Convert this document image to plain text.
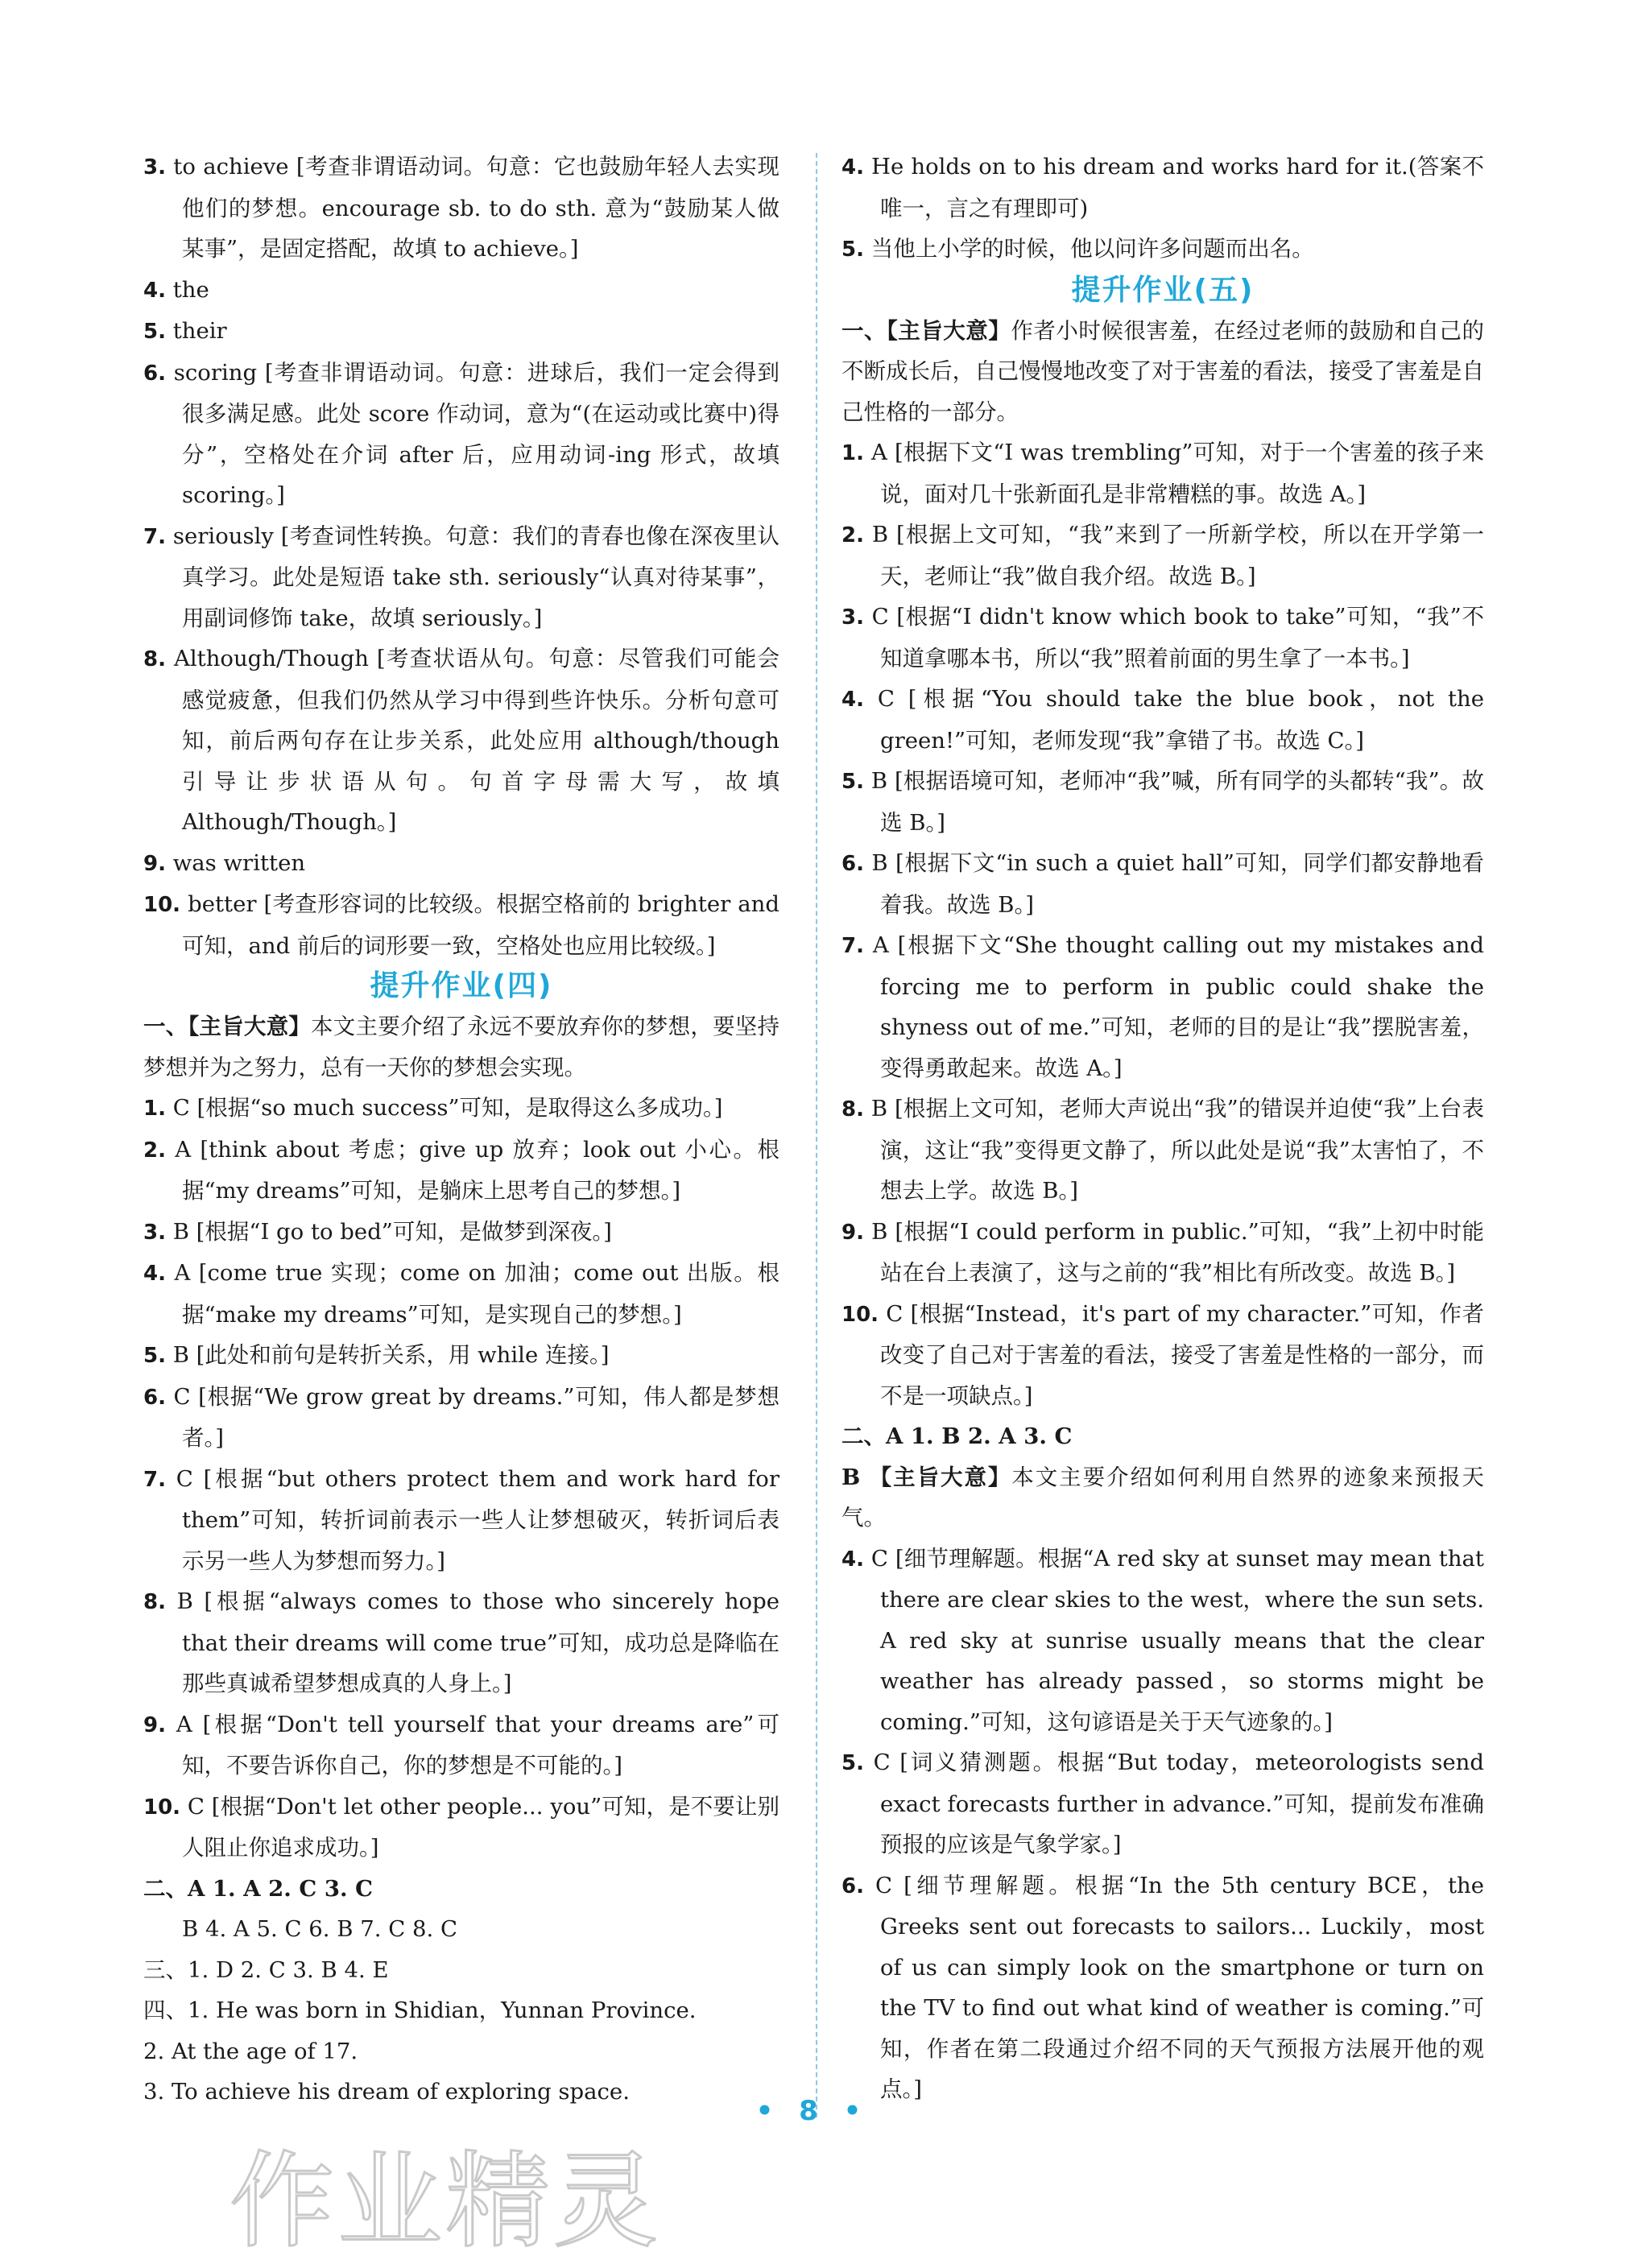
3. to achieve [考查非谓语动词。句意：它也鼓励年轻人去实现他们的梦想。encourage sb. to do sth. 意为“鼓励某人做某事”，是固定搭配，故填 to achieve。]

4. the

5. their

6. scoring [考查非谓语动词。句意：进球后，我们一定会得到很多满足感。此处 score 作动词，意为“(在运动或比赛中)得分”，空格处在介词 after 后，应用动词-ing 形式，故填 scoring。]

7. seriously [考查词性转换。句意：我们的青春也像在深夜里认真学习。此处是短语 take sth. seriously“认真对待某事”，用副词修饰 take，故填 seriously。]

8. Although/Though [考查状语从句。句意：尽管我们可能会感觉疲惫，但我们仍然从学习中得到些许快乐。分析句意可知，前后两句存在让步关系，此处应用 although/though 引导让步状语从句。句首字母需大写，故填 Although/Though。]

9. was written

10. better [考查形容词的比较级。根据空格前的 brighter and 可知，and 前后的词形要一致，空格处也应用比较级。]

提升作业(四)

一、【主旨大意】本文主要介绍了永远不要放弃你的梦想，要坚持梦想并为之努力，总有一天你的梦想会实现。

1. C [根据“so much success”可知，是取得这么多成功。]

2. A [think about 考虑；give up 放弃；look out 小心。根据“my dreams”可知，是躺床上思考自己的梦想。]

3. B [根据“I go to bed”可知，是做梦到深夜。]

4. A [come true 实现；come on 加油；come out 出版。根据“make my dreams”可知，是实现自己的梦想。]

5. B [此处和前句是转折关系，用 while 连接。]

6. C [根据“We grow great by dreams.”可知，伟人都是梦想者。]

7. C [根据“but others protect them and work hard for them”可知，转折词前表示一些人让梦想破灭，转折词后表示另一些人为梦想而努力。]

8. B [根据“always comes to those who sincerely hope that their dreams will come true”可知，成功总是降临在那些真诚希望梦想成真的人身上。]

9. A [根据“Don't tell yourself that your dreams are”可知，不要告诉你自己，你的梦想是不可能的。]

10. C [根据“Don't let other people... you”可知，是不要让别人阻止你追求成功。]

二、A 1. A 2. C 3. C

B 4. A 5. C 6. B 7. C 8. C

三、1. D 2. C 3. B 4. E

四、1. He was born in Shidian，Yunnan Province.

2. At the age of 17.

3. To achieve his dream of exploring space.

4. He holds on to his dream and works hard for it.(答案不唯一，言之有理即可)

5. 当他上小学的时候，他以问许多问题而出名。

提升作业(五)

一、【主旨大意】作者小时候很害羞，在经过老师的鼓励和自己的不断成长后，自己慢慢地改变了对于害羞的看法，接受了害羞是自己性格的一部分。

1. A [根据下文“I was trembling”可知，对于一个害羞的孩子来说，面对几十张新面孔是非常糟糕的事。故选 A。]

2. B [根据上文可知，“我”来到了一所新学校，所以在开学第一天，老师让“我”做自我介绍。故选 B。]

3. C [根据“I didn't know which book to take”可知，“我”不知道拿哪本书，所以“我”照着前面的男生拿了一本书。]

4. C [根据“You should take the blue book，not the green!”可知，老师发现“我”拿错了书。故选 C。]

5. B [根据语境可知，老师冲“我”喊，所有同学的头都转“我”。故选 B。]

6. B [根据下文“in such a quiet hall”可知，同学们都安静地看着我。故选 B。]

7. A [根据下文“She thought calling out my mistakes and forcing me to perform in public could shake the shyness out of me.”可知，老师的目的是让“我”摆脱害羞，变得勇敢起来。故选 A。]

8. B [根据上文可知，老师大声说出“我”的错误并迫使“我”上台表演，这让“我”变得更文静了，所以此处是说“我”太害怕了，不想去上学。故选 B。]

9. B [根据“I could perform in public.”可知，“我”上初中时能站在台上表演了，这与之前的“我”相比有所改变。故选 B。]

10. C [根据“Instead，it's part of my character.”可知，作者改变了自己对于害羞的看法，接受了害羞是性格的一部分，而不是一项缺点。]

二、A 1. B 2. A 3. C

B 【主旨大意】本文主要介绍如何利用自然界的迹象来预报天气。

4. C [细节理解题。根据“A red sky at sunset may mean that there are clear skies to the west，where the sun sets. A red sky at sunrise usually means that the clear weather has already passed，so storms might be coming.”可知，这句谚语是关于天气迹象的。]

5. C [词义猜测题。根据“But today，meteorologists send exact forecasts further in advance.”可知，提前发布准确预报的应该是气象学家。]

6. C [细节理解题。根据“In the 5th century BCE，the Greeks sent out forecasts to sailors... Luckily，most of us can simply look on the smartphone or turn on the TV to find out what kind of weather is coming.”可知，作者在第二段通过介绍不同的天气预报方法展开他的观点。]

• 8 •
作业精灵
